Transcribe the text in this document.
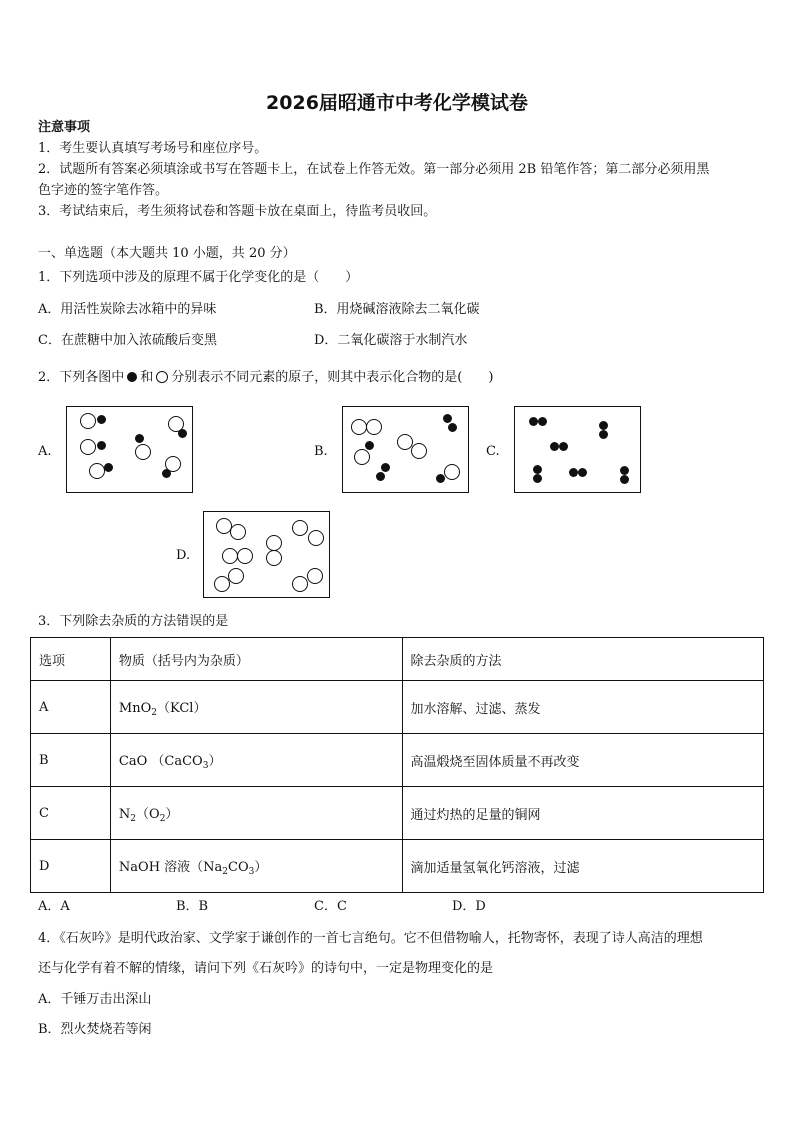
2026届昭通市中考化学模试卷
注意事项
1．考生要认真填写考场号和座位序号。
2．试题所有答案必须填涂或书写在答题卡上，在试卷上作答无效。第一部分必须用 2B 铅笔作答；第二部分必须用黑
色字迹的签字笔作答。
3．考试结束后，考生须将试卷和答题卡放在桌面上，待监考员收回。
一、单选题（本大题共 10 小题，共 20 分）
1．下列选项中涉及的原理不属于化学变化的是（　　）
A．用活性炭除去冰箱中的异味	B．用烧碱溶液除去二氧化碳
C．在蔗糖中加入浓硫酸后变黑	D．二氧化碳溶于水制汽水
2．下列各图中 和 分别表示不同元素的原子，则其中表示化合物的是(　　)
A.	B.	C.
D.
3．下列除去杂质的方法错误的是
选项	物质（括号内为杂质）	除去杂质的方法
A	MnO$_2$（KCl）	加水溶解、过滤、蒸发
B	CaO （CaCO$_3$）	高温煅烧至固体质量不再改变
C	$N_2(O_2)$	通过灼热的足量的铜网
D	NaOH 溶液$(Na_2CO_3)$	滴加适量氢氧化钙溶液，过滤
A．A	B．B	C．C	D．D
4．《石灰吟》是明代政治家、文学家于谦创作的一首七言绝句。它不但借物喻人，托物寄怀，表现了诗人高洁的理想
还与化学有着不解的情缘，请问下列《石灰吟》的诗句中，一定是物理变化的是
A．千锤万击出深山
B．烈火焚烧若等闲
